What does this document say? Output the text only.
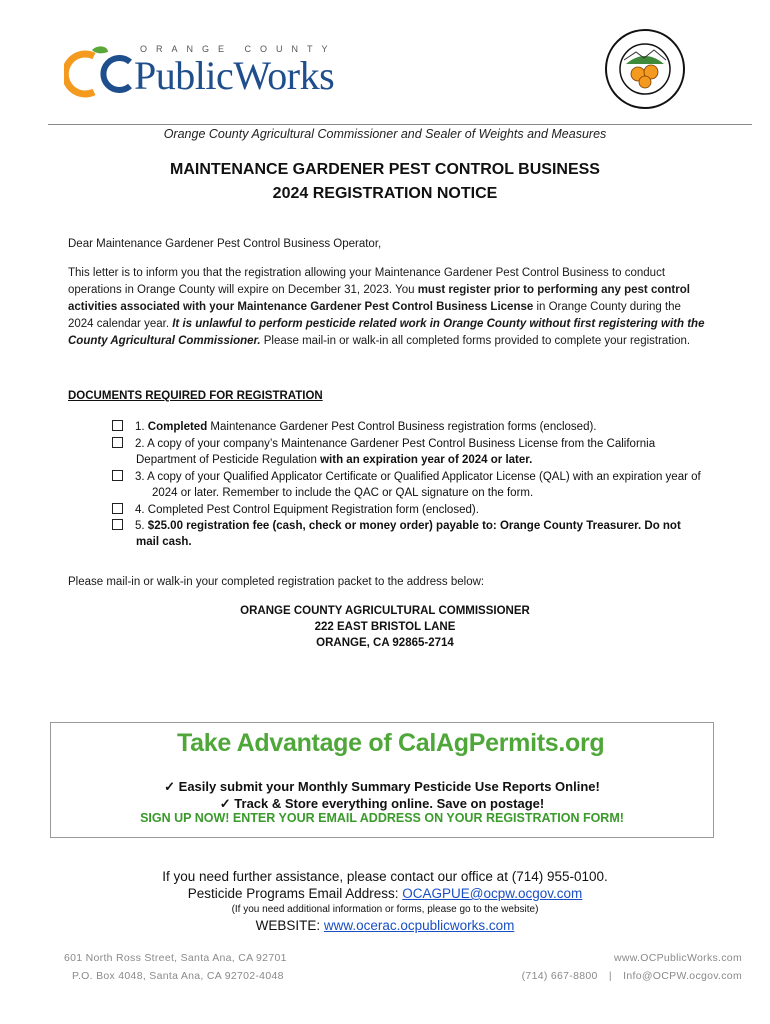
ORANGE COUNTY
PublicWorks
Orange County Agricultural Commissioner and Sealer of Weights and Measures
MAINTENANCE GARDENER PEST CONTROL BUSINESS
2024 REGISTRATION NOTICE
Dear Maintenance Gardener Pest Control Business Operator,
This letter is to inform you that the registration allowing your Maintenance Gardener Pest Control Business to conduct operations in Orange County will expire on December 31, 2023. You must register prior to performing any pest control activities associated with your Maintenance Gardener Pest Control Business License in Orange County during the 2024 calendar year. It is unlawful to perform pesticide related work in Orange County without first registering with the County Agricultural Commissioner. Please mail-in or walk-in all completed forms provided to complete your registration.
DOCUMENTS REQUIRED FOR REGISTRATION
1. Completed Maintenance Gardener Pest Control Business registration forms (enclosed).
2. A copy of your company’s Maintenance Gardener Pest Control Business License from the California
Department of Pesticide Regulation with an expiration year of 2024 or later.
3. A copy of your Qualified Applicator Certificate or Qualified Applicator License (QAL) with an expiration year of
2024 or later. Remember to include the QAC or QAL signature on the form.
4. Completed Pest Control Equipment Registration form (enclosed).
5. $25.00 registration fee (cash, check or money order) payable to: Orange County Treasurer. Do not
mail cash.
Please mail-in or walk-in your completed registration packet to the address below:
ORANGE COUNTY AGRICULTURAL COMMISSIONER
222 EAST BRISTOL LANE
ORANGE, CA 92865-2714
Take Advantage of CalAgPermits.org
✓ Easily submit your Monthly Summary Pesticide Use Reports Online!
✓ Track & Store everything online. Save on postage!
SIGN UP NOW! ENTER YOUR EMAIL ADDRESS ON YOUR REGISTRATION FORM!
If you need further assistance, please contact our office at (714) 955-0100.
Pesticide Programs Email Address: OCAGPUE@ocpw.ocgov.com
(If you need additional information or forms, please go to the website)
WEBSITE: www.ocerac.ocpublicworks.com
601 North Ross Street, Santa Ana, CA 92701
P.O. Box 4048, Santa Ana, CA 92702-4048
www.OCPublicWorks.com
(714) 667-8800 | Info@OCPW.ocgov.com
